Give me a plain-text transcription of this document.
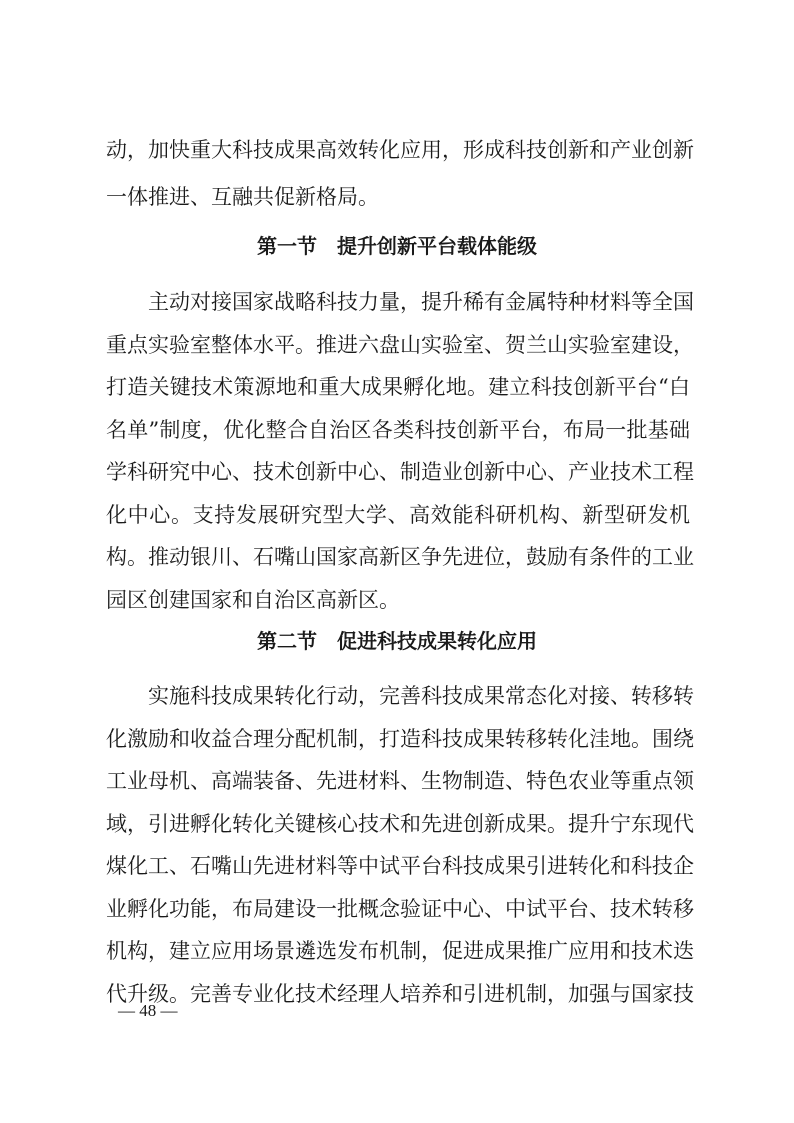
动，加快重大科技成果高效转化应用，形成科技创新和产业创新
一体推进、互融共促新格局。
第一节　提升创新平台载体能级
　　主动对接国家战略科技力量，提升稀有金属特种材料等全国
重点实验室整体水平。推进六盘山实验室、贺兰山实验室建设，
打造关键技术策源地和重大成果孵化地。建立科技创新平台“白
名单”制度，优化整合自治区各类科技创新平台，布局一批基础
学科研究中心、技术创新中心、制造业创新中心、产业技术工程
化中心。支持发展研究型大学、高效能科研机构、新型研发机
构。推动银川、石嘴山国家高新区争先进位，鼓励有条件的工业
园区创建国家和自治区高新区。
第二节　促进科技成果转化应用
　　实施科技成果转化行动，完善科技成果常态化对接、转移转
化激励和收益合理分配机制，打造科技成果转移转化洼地。围绕
工业母机、高端装备、先进材料、生物制造、特色农业等重点领
域，引进孵化转化关键核心技术和先进创新成果。提升宁东现代
煤化工、石嘴山先进材料等中试平台科技成果引进转化和科技企
业孵化功能，布局建设一批概念验证中心、中试平台、技术转移
机构，建立应用场景遴选发布机制，促进成果推广应用和技术迭
代升级。完善专业化技术经理人培养和引进机制，加强与国家技
— 48 —
